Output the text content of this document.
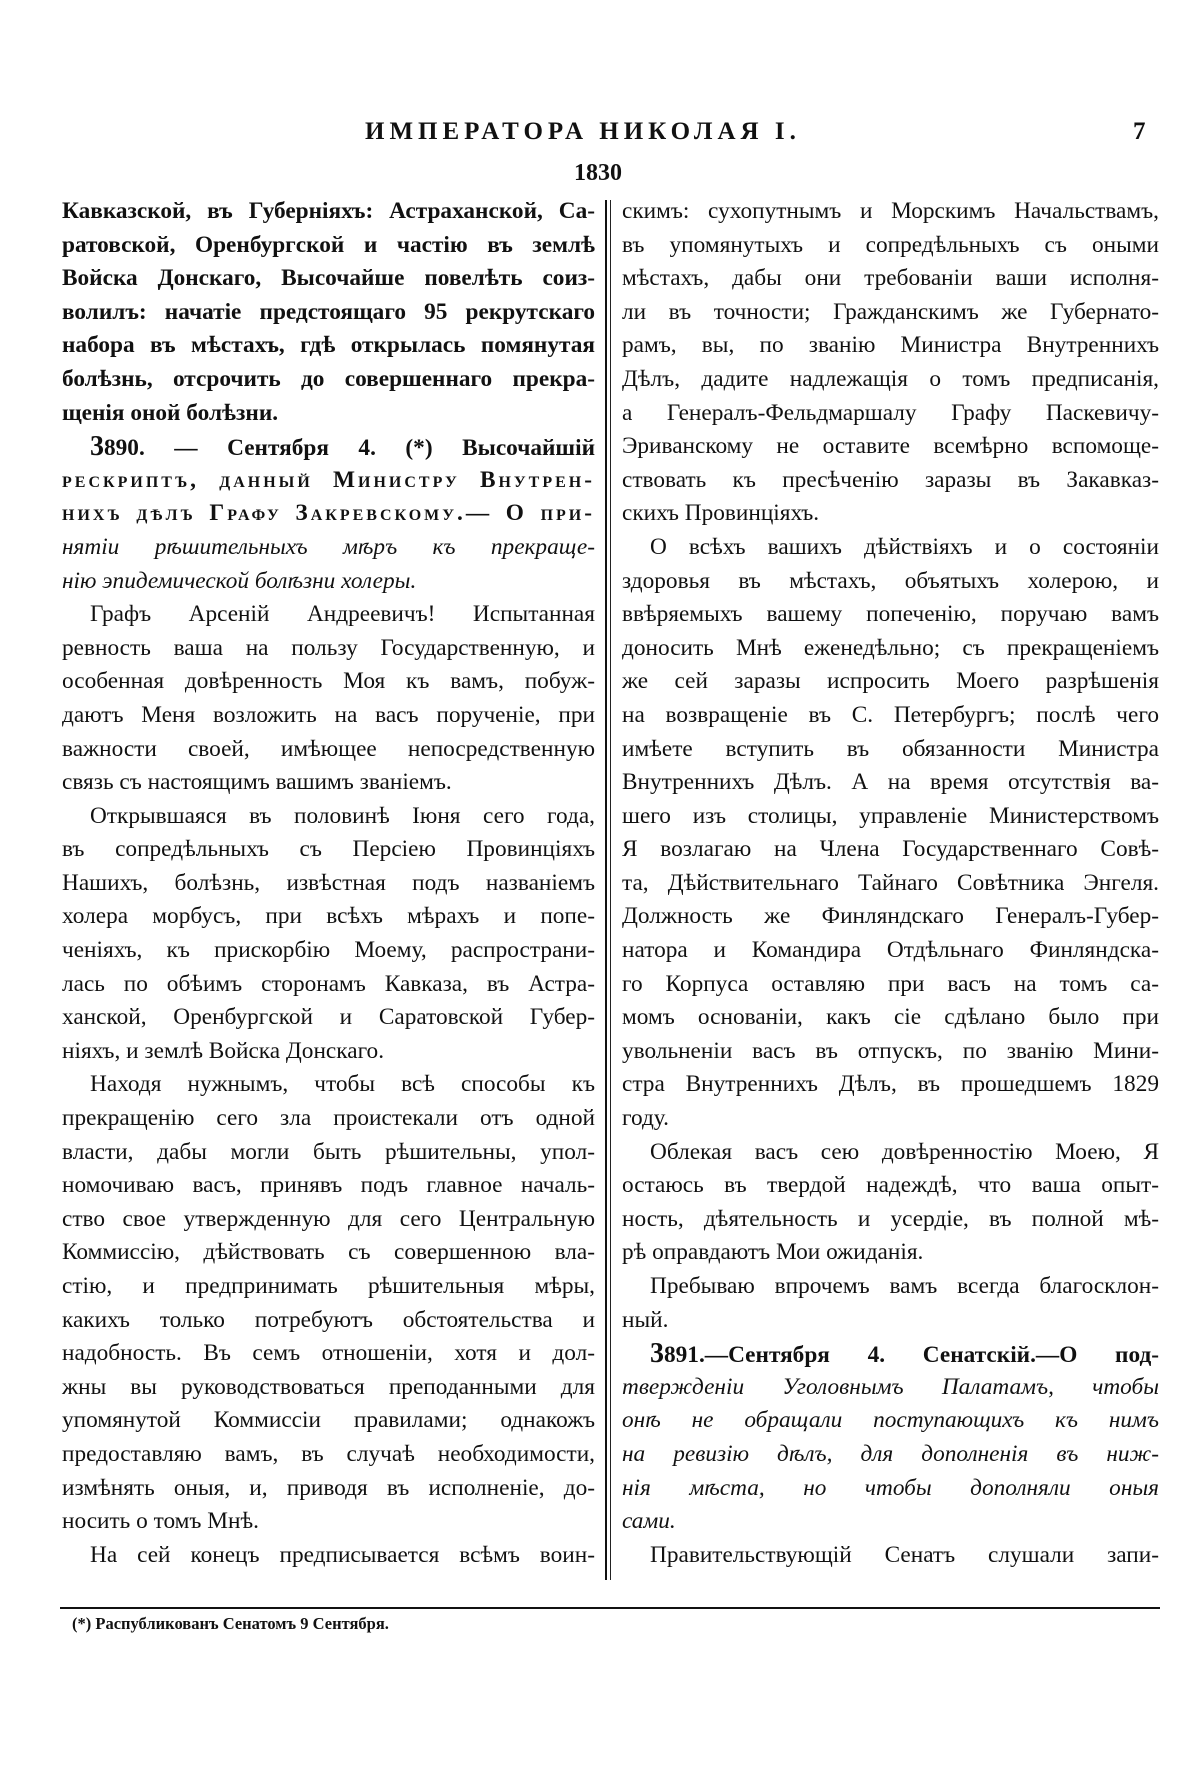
ИМПЕРАТОРА НИКОЛАЯ I.	7
1830
Кавказской, въ Губерніяхъ: Астраханской, Са-
ратовской, Оренбургской и частію въ землѣ
Войска Донскаго, Высочайше повелѣть соиз-
волилъ: начатіе предстоящаго 95 рекрутскаго
набора въ мѣстахъ, гдѣ открылась помянутая
болѣзнь, отсрочить до совершеннаго прекра-
щенія оной болѣзни.
3890. — Сентября 4. (*) Высочайшій
рескриптъ, данный Министру Внутрен-
нихъ дѣлъ Графу Закревскому.— О при-
нятіи рѣшительныхъ мѣръ къ прекраще-
нію эпидемической болѣзни холеры.
Графъ Арсеній Андреевичъ! Испытанная
ревность ваша на пользу Государственную, и
особенная довѣренность Моя къ вамъ, побуж-
даютъ Меня возложить на васъ порученіе, при
важности своей, имѣющее непосредственную
связь съ настоящимъ вашимъ званіемъ.
Открывшаяся въ половинѣ Іюня сего года,
въ сопредѣльныхъ съ Персіею Провинціяхъ
Нашихъ, болѣзнь, извѣстная подъ названіемъ
холера морбусъ, при всѣхъ мѣрахъ и попе-
ченіяхъ, къ прискорбію Моему, распространи-
лась по обѣимъ сторонамъ Кавказа, въ Астра-
ханской, Оренбургской и Саратовской Губер-
ніяхъ, и землѣ Войска Донскаго.
Находя нужнымъ, чтобы всѣ способы къ
прекращенію сего зла проистекали отъ одной
власти, дабы могли быть рѣшительны, упол-
номочиваю васъ, принявъ подъ главное началь-
ство свое утвержденную для сего Центральную
Коммиссію, дѣйствовать съ совершенною вла-
стію, и предпринимать рѣшительныя мѣры,
какихъ только потребуютъ обстоятельства и
надобность. Въ семъ отношеніи, хотя и дол-
жны вы руководствоваться преподанными для
упомянутой Коммиссіи правилами; однакожъ
предоставляю вамъ, въ случаѣ необходимости,
измѣнять оныя, и, приводя въ исполненіе, до-
носить о томъ Мнѣ.
На сей конецъ предписывается всѣмъ воин-
скимъ: сухопутнымъ и Морскимъ Начальствамъ,
въ упомянутыхъ и сопредѣльныхъ съ оными
мѣстахъ, дабы они требованіи ваши исполня-
ли въ точности; Гражданскимъ же Губернато-
рамъ, вы, по званію Министра Внутреннихъ
Дѣлъ, дадите надлежащія о томъ предписанія,
а Генералъ-Фельдмаршалу Графу Паскевичу-
Эриванскому не оставите всемѣрно вспомоще-
ствовать къ пресѣченію заразы въ Закавказ-
скихъ Провинціяхъ.
О всѣхъ вашихъ дѣйствіяхъ и о состояніи
здоровья въ мѣстахъ, объятыхъ холерою, и
ввѣряемыхъ вашему попеченію, поручаю вамъ
доносить Мнѣ еженедѣльно; съ прекращеніемъ
же сей заразы испросить Моего разрѣшенія
на возвращеніе въ С. Петербургъ; послѣ чего
имѣете вступить въ обязанности Министра
Внутреннихъ Дѣлъ. А на время отсутствія ва-
шего изъ столицы, управленіе Министерствомъ
Я возлагаю на Члена Государственнаго Совѣ-
та, Дѣйствительнаго Тайнаго Совѣтника Энгеля.
Должность же Финляндскаго Генералъ-Губер-
натора и Командира Отдѣльнаго Финляндска-
го Корпуса оставляю при васъ на томъ са-
момъ основаніи, какъ сіе сдѣлано было при
увольненіи васъ въ отпускъ, по званію Мини-
стра Внутреннихъ Дѣлъ, въ прошедшемъ 1829
году.
Облекая васъ сею довѣренностію Моею, Я
остаюсь въ твердой надеждѣ, что ваша опыт-
ность, дѣятельность и усердіе, въ полной мѣ-
рѣ оправдаютъ Мои ожиданія.
Пребываю впрочемъ вамъ всегда благосклон-
ный.
3891.—Сентября 4. Сенатскій.—О под-
твержденіи Уголовнымъ Палатамъ, чтобы
онѣ не обращали поступающихъ къ нимъ
на ревизію дѣлъ, для дополненія въ ниж-
нія мѣста, но чтобы дополняли оныя
сами.
Правительствующій Сенатъ слушали запи-
(*) Распубликованъ Сенатомъ 9 Сентября.
